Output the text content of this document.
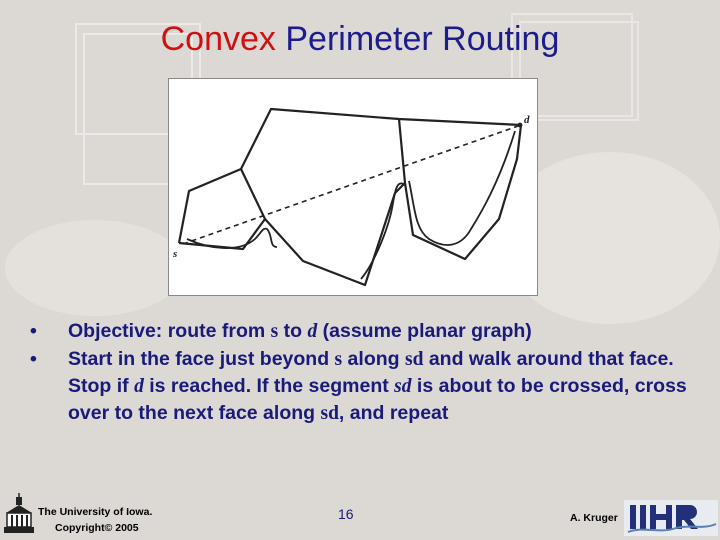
Convex Perimeter Routing
s
d

• Objective: route from s to d (assume planar graph)

• Start in the face just beyond s along sd and walk around that face. Stop if d is reached. If the segment sd is about to be crossed, cross over to the next face along sd, and repeat

The University of Iowa.
Copyright© 2005
16	A. Kruger
